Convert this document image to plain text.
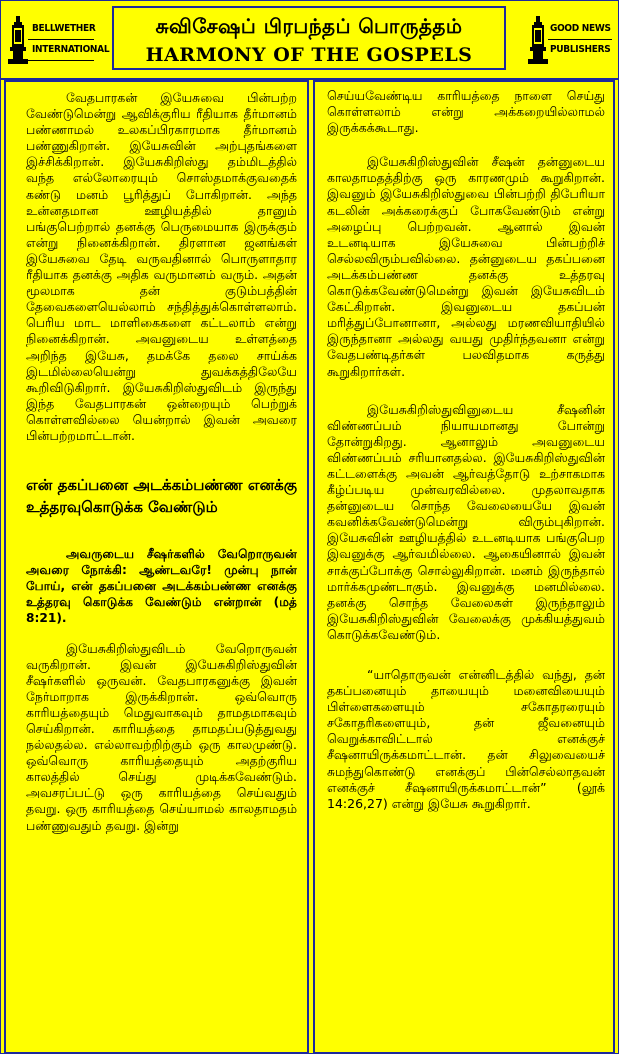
BELLWETHER
INTERNATIONAL
சுவிசேஷப் பிரபந்தப் பொருத்தம்
HARMONY OF THE GOSPELS
GOOD NEWS
PUBLISHERS

வேதபாரகன் இயேசுவை பின்பற்ற வேண்டுமென்று ஆவிக்குரிய ரீதியாக தீர்மானம் பண்ணாமல் உலகப்பிரகாரமாக தீர்மானம் பண்ணுகிறான். இயேசுவின் அற்புதங்களை இச்சிக்கிறான். இயேசுகிறிஸ்து தம்மிடத்தில் வந்த எல்லோரையும் சொஸ்தமாக்குவதைக் கண்டு மனம் பூரித்துப் போகிறான். அந்த உன்னதமான ஊழியத்தில் தானும் பங்குபெற்றால் தனக்கு பெருமையாக இருக்கும் என்று நினைக்கிறான். திரளான ஜனங்கள் இயேசுவை தேடி வருவதினால் பொருளாதார ரீதியாக தனக்கு அதிக வருமானம் வரும். அதன் மூலமாக தன் குடும்பத்தின் தேவைகளையெல்லாம் சந்தித்துக்கொள்ளலாம். பெரிய மாட மாளிகைகளை கட்டலாம் என்று நினைக்கிறான். அவனுடைய உள்ளத்தை அறிந்த இயேசு, தமக்கே தலை சாய்க்க இடமில்லையென்று துவக்கத்திலேயே கூறிவிடுகிறார். இயேசுகிறிஸ்துவிடம் இருந்து இந்த வேதபாரகன் ஒன்றையும் பெற்றுக் கொள்ளவில்லை யென்றால் இவன் அவரை பின்பற்றமாட்டான்.

என் தகப்பனை அடக்கம்பண்ண எனக்கு உத்தரவுகொடுக்க வேண்டும்

அவருடைய சீஷர்களில் வேறொருவன் அவரை நோக்கி: ஆண்டவரே! முன்பு நான் போய், என் தகப்பனை அடக்கம்பண்ண எனக்கு உத்தரவு கொடுக்க வேண்டும் என்றான் (மத் 8:21).

இயேசுகிறிஸ்துவிடம் வேறொருவன் வருகிறான். இவன் இயேசுகிறிஸ்துவின் சீஷர்களில் ஒருவன். வேதபாரகனுக்கு இவன் நேர்மாறாக இருக்கிறான். ஒவ்வொரு காரியத்தையும் மெதுவாகவும் தாமதமாகவும் செய்கிறான். காரியத்தை தாமதப்படுத்துவது நல்லதல்ல. எல்லாவற்றிற்கும் ஒரு காலமுண்டு. ஒவ்வொரு காரியத்தையும் அதற்குரிய காலத்தில் செய்து முடிக்கவேண்டும். அவசரப்பட்டு ஒரு காரியத்தை செய்வதும் தவறு. ஒரு காரியத்தை செய்யாமல் காலதாமதம் பண்ணுவதும் தவறு. இன்று

செய்யவேண்டிய காரியத்தை நாளை செய்து கொள்ளலாம் என்று அக்கறையில்லாமல் இருக்கக்கூடாது.

இயேசுகிறிஸ்துவின் சீஷன் தன்னுடைய காலதாமதத்திற்கு ஒரு காரணமும் கூறுகிறான். இவனும் இயேசுகிறிஸ்துவை பின்பற்றி திபேரியா கடலின் அக்கரைக்குப் போகவேண்டும் என்று அழைப்பு பெற்றவன். ஆனால் இவன் உடனடியாக இயேசுவை பின்பற்றிச் செல்லவிரும்பவில்லை. தன்னுடைய தகப்பனை அடக்கம்பண்ண தனக்கு உத்தரவு கொடுக்கவேண்டுமென்று இவன் இயேசுவிடம் கேட்கிறான். இவனுடைய தகப்பன் மரித்துப்போனானா, அல்லது மரணவியாதியில் இருந்தானா அல்லது வயது முதிர்ந்தவனா என்று வேதபண்டிதர்கள் பலவிதமாக கருத்து கூறுகிறார்கள்.

இயேசுகிறிஸ்துவினுடைய சீஷனின் விண்ணப்பம் நியாயமானது போன்று தோன்றுகிறது. ஆனாலும் அவனுடைய விண்ணப்பம் சரியானதல்ல. இயேசுகிறிஸ்துவின் கட்டளைக்கு அவன் ஆர்வத்தோடு உற்சாகமாக கீழ்ப்படிய முன்வரவில்லை. முதலாவதாக தன்னுடைய சொந்த வேலையையே இவன் கவனிக்கவேண்டுமென்று விரும்புகிறான். இயேசுவின் ஊழியத்தில் உடனடியாக பங்குபெற இவனுக்கு ஆர்வமில்லை. ஆகையினால் இவன் சாக்குப்போக்கு சொல்லுகிறான். மனம் இருந்தால் மார்க்கமுண்டாகும். இவனுக்கு மனமில்லை. தனக்கு சொந்த வேலைகள் இருந்தாலும் இயேசுகிறிஸ்துவின் வேலைக்கு முக்கியத்துவம் கொடுக்கவேண்டும்.

“யாதொருவன் என்னிடத்தில் வந்து, தன் தகப்பனையும் தாயையும் மனைவியையும் பிள்ளைகளையும் சகோதரரையும் சகோதரிகளையும், தன் ஜீவனையும் வெறுக்காவிட்டால் எனக்குச் சீஷனாயிருக்கமாட்டான். தன் சிலுவையைச் சுமந்துகொண்டு எனக்குப் பின்செல்லாதவன் எனக்குச் சீஷனாயிருக்கமாட்டான்” (லூக் 14:26,27) என்று இயேசு கூறுகிறார்.
